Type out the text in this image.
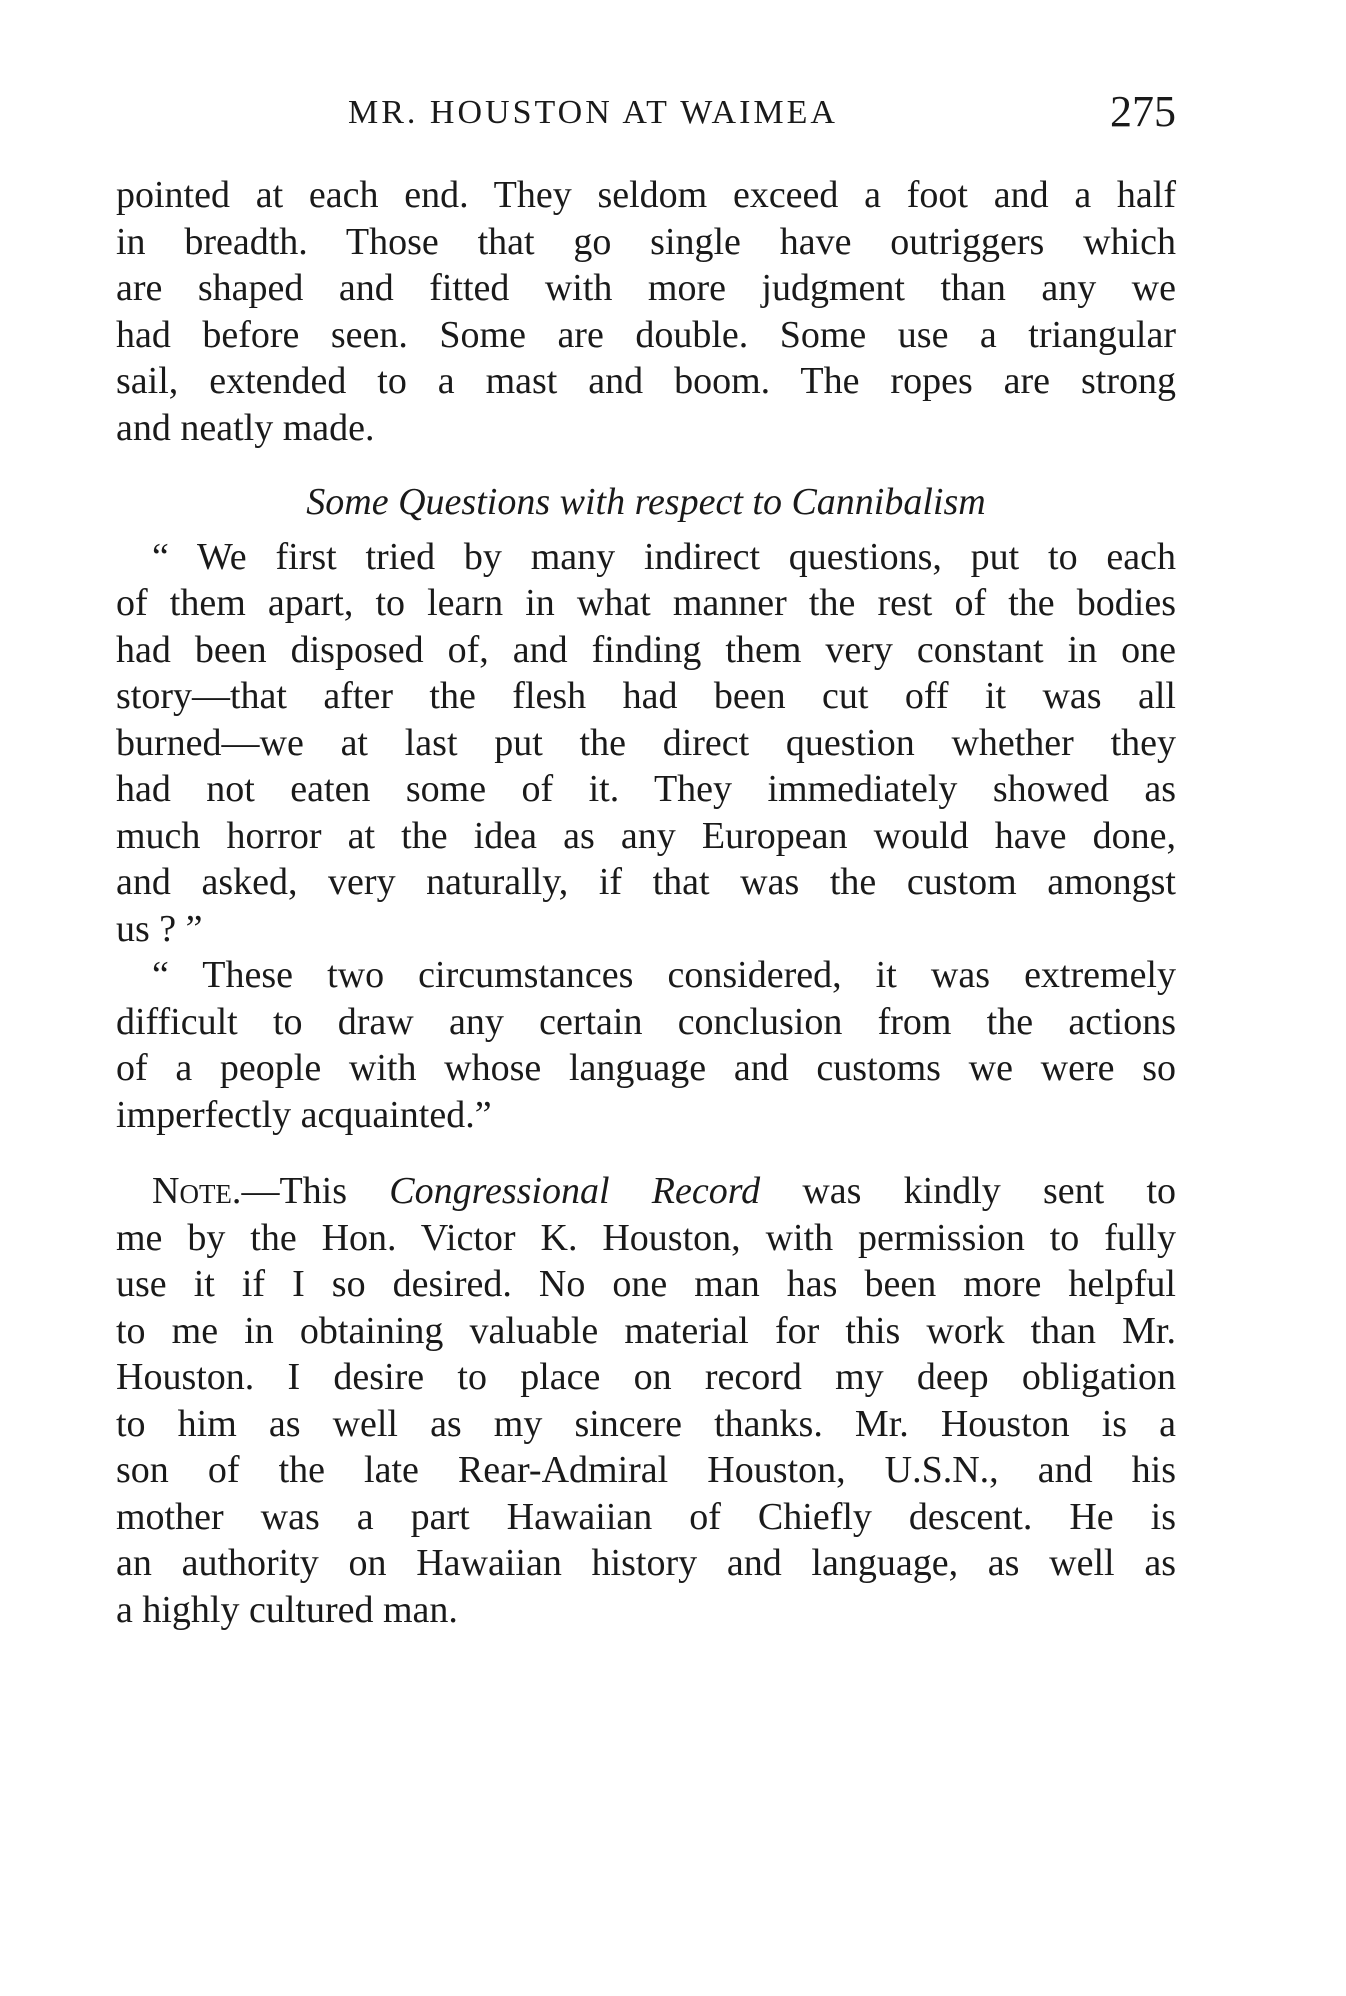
MR. HOUSTON AT WAIMEA	275

pointed at each end. They seldom exceed a foot and a half
in breadth. Those that go single have outriggers which
are shaped and fitted with more judgment than any we
had before seen. Some are double. Some use a triangular
sail, extended to a mast and boom. The ropes are strong
and neatly made.

Some Questions with respect to Cannibalism

“ We first tried by many indirect questions, put to each
of them apart, to learn in what manner the rest of the bodies
had been disposed of, and finding them very constant in one
story—that after the flesh had been cut off it was all
burned—we at last put the direct question whether they
had not eaten some of it. They immediately showed as
much horror at the idea as any European would have done,
and asked, very naturally, if that was the custom amongst
us ? ”

“ These two circumstances considered, it was extremely
difficult to draw any certain conclusion from the actions
of a people with whose language and customs we were so
imperfectly acquainted.”

Note.—This Congressional Record was kindly sent to
me by the Hon. Victor K. Houston, with permission to fully
use it if I so desired. No one man has been more helpful
to me in obtaining valuable material for this work than Mr.
Houston. I desire to place on record my deep obligation
to him as well as my sincere thanks. Mr. Houston is a
son of the late Rear-Admiral Houston, U.S.N., and his
mother was a part Hawaiian of Chiefly descent. He is
an authority on Hawaiian history and language, as well as
a highly cultured man.
